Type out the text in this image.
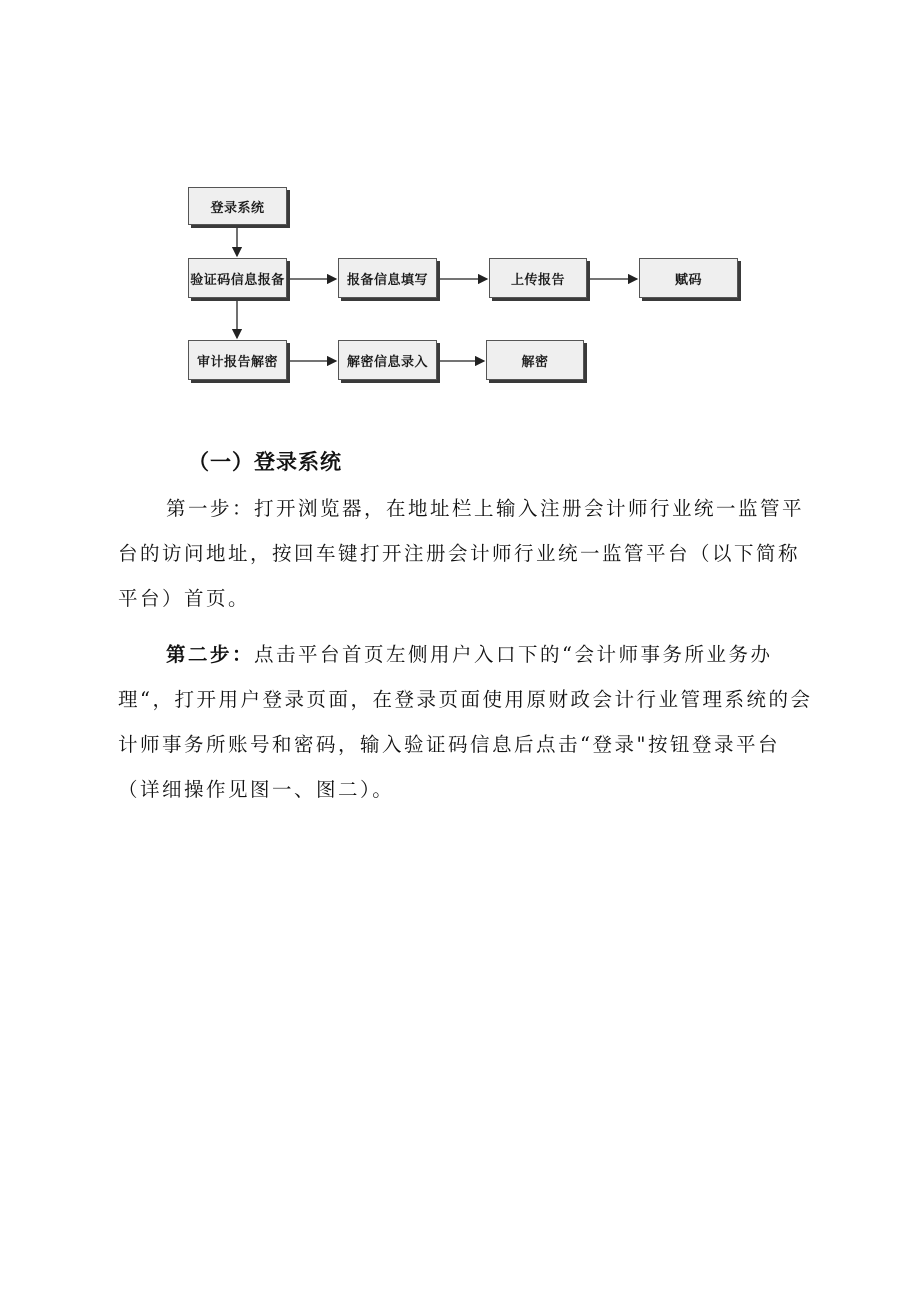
登录系统
验证码信息报备	报备信息填写	上传报告	赋码
审计报告解密	解密信息录入	解密
（一）登录系统

第一步：打开浏览器，在地址栏上输入注册会计师行业统一监管平台的访问地址，按回车键打开注册会计师行业统一监管平台（以下简称平台）首页。

第二步：点击平台首页左侧用户入口下的“会计师事务所业务办理“，打开用户登录页面，在登录页面使用原财政会计行业管理系统的会计师事务所账号和密码，输入验证码信息后点击“登录"按钮登录平台（详细操作见图一、图二）。
